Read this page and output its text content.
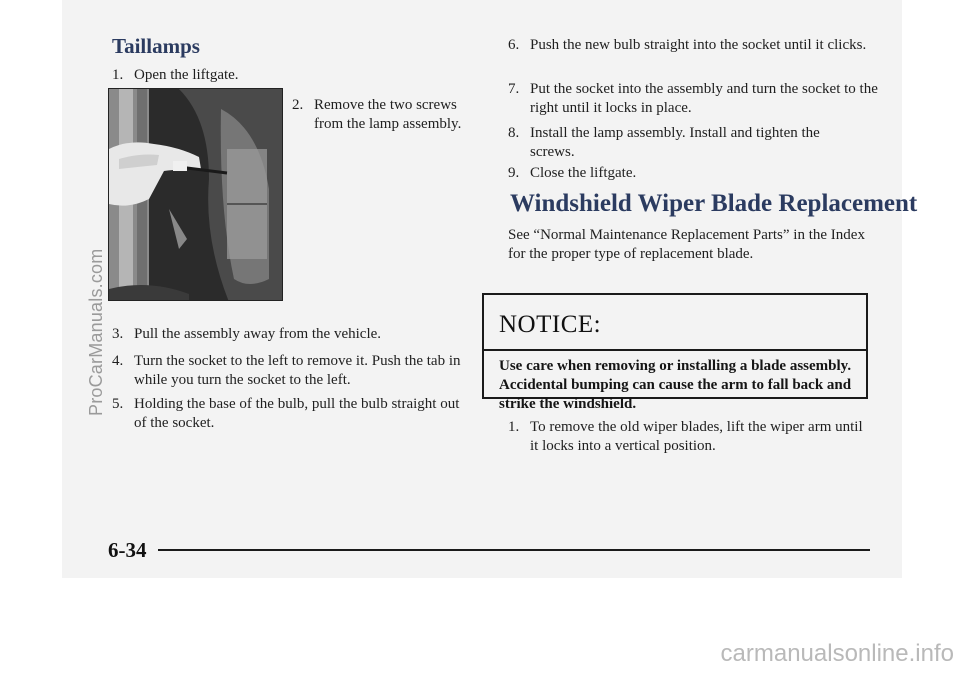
ProCarManuals.com
Taillamps
1. Open the liftgate.
2. Remove the two screws from the lamp assembly.
3. Pull the assembly away from the vehicle.
4. Turn the socket to the left to remove it. Push the tab in while you turn the socket to the left.
5. Holding the base of the bulb, pull the bulb straight out of the socket.
6. Push the new bulb straight into the socket until it clicks.
7. Put the socket into the assembly and turn the socket to the right until it locks in place.
8. Install the lamp assembly. Install and tighten the screws.
9. Close the liftgate.
Windshield Wiper Blade Replacement

See “Normal Maintenance Replacement Parts” in the Index for the proper type of replacement blade.

NOTICE:

Use care when removing or installing a blade assembly. Accidental bumping can cause the arm to fall back and strike the windshield.

1. To remove the old wiper blades, lift the wiper arm until it locks into a vertical position.

6-34

carmanualsonline.info
